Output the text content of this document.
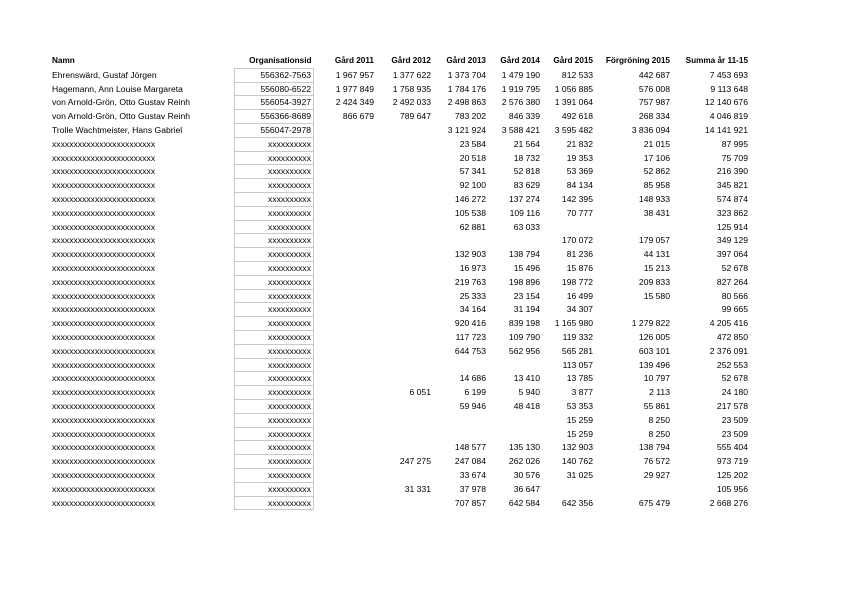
Namn	Organisationsid	Gård 2011	Gård 2012	Gård 2013	Gård 2014	Gård 2015	Förgröning 2015	Summa år 11-15
Ehrenswärd, Gustaf Jörgen	556362-7563	1 967 957	1 377 622	1 373 704	1 479 190	812 533	442 687	7 453 693
Hagemann, Ann Louise Margareta	556080-6522	1 977 849	1 758 935	1 784 176	1 919 795	1 056 885	576 008	9 113 648
von Arnold-Grön, Otto Gustav Reinh	556054-3927	2 424 349	2 492 033	2 498 863	2 576 380	1 391 064	757 987	12 140 676
von Arnold-Grön, Otto Gustav Reinh	556366-8689	866 679	789 647	783 202	846 339	492 618	268 334	4 046 819
Trolle Wachtmeister, Hans Gabriel	556047-2978			3 121 924	3 588 421	3 595 482	3 836 094	14 141 921
xxxxxxxxxxxxxxxxxxxxxxxx	xxxxxxxxxx			23 584	21 564	21 832	21 015	87 995
xxxxxxxxxxxxxxxxxxxxxxxx	xxxxxxxxxx			20 518	18 732	19 353	17 106	75 709
xxxxxxxxxxxxxxxxxxxxxxxx	xxxxxxxxxx			57 341	52 818	53 369	52 862	216 390
xxxxxxxxxxxxxxxxxxxxxxxx	xxxxxxxxxx			92 100	83 629	84 134	85 958	345 821
xxxxxxxxxxxxxxxxxxxxxxxx	xxxxxxxxxx			146 272	137 274	142 395	148 933	574 874
xxxxxxxxxxxxxxxxxxxxxxxx	xxxxxxxxxx			105 538	109 116	70 777	38 431	323 862
xxxxxxxxxxxxxxxxxxxxxxxx	xxxxxxxxxx			62 881	63 033			125 914
xxxxxxxxxxxxxxxxxxxxxxxx	xxxxxxxxxx					170 072	179 057	349 129
xxxxxxxxxxxxxxxxxxxxxxxx	xxxxxxxxxx			132 903	138 794	81 236	44 131	397 064
xxxxxxxxxxxxxxxxxxxxxxxx	xxxxxxxxxx			16 973	15 496	15 876	15 213	52 678
xxxxxxxxxxxxxxxxxxxxxxxx	xxxxxxxxxx			219 763	198 896	198 772	209 833	827 264
xxxxxxxxxxxxxxxxxxxxxxxx	xxxxxxxxxx			25 333	23 154	16 499	15 580	80 566
xxxxxxxxxxxxxxxxxxxxxxxx	xxxxxxxxxx			34 164	31 194	34 307		99 665
xxxxxxxxxxxxxxxxxxxxxxxx	xxxxxxxxxx			920 416	839 198	1 165 980	1 279 822	4 205 416
xxxxxxxxxxxxxxxxxxxxxxxx	xxxxxxxxxx			117 723	109 790	119 332	126 005	472 850
xxxxxxxxxxxxxxxxxxxxxxxx	xxxxxxxxxx			644 753	562 956	565 281	603 101	2 376 091
xxxxxxxxxxxxxxxxxxxxxxxx	xxxxxxxxxx					113 057	139 496	252 553
xxxxxxxxxxxxxxxxxxxxxxxx	xxxxxxxxxx			14 686	13 410	13 785	10 797	52 678
xxxxxxxxxxxxxxxxxxxxxxxx	xxxxxxxxxx		6 051	6 199	5 940	3 877	2 113	24 180
xxxxxxxxxxxxxxxxxxxxxxxx	xxxxxxxxxx			59 946	48 418	53 353	55 861	217 578
xxxxxxxxxxxxxxxxxxxxxxxx	xxxxxxxxxx					15 259	8 250	23 509
xxxxxxxxxxxxxxxxxxxxxxxx	xxxxxxxxxx					15 259	8 250	23 509
xxxxxxxxxxxxxxxxxxxxxxxx	xxxxxxxxxx			148 577	135 130	132 903	138 794	555 404
xxxxxxxxxxxxxxxxxxxxxxxx	xxxxxxxxxx		247 275	247 084	262 026	140 762	76 572	973 719
xxxxxxxxxxxxxxxxxxxxxxxx	xxxxxxxxxx			33 674	30 576	31 025	29 927	125 202
xxxxxxxxxxxxxxxxxxxxxxxx	xxxxxxxxxx		31 331	37 978	36 647			105 956
xxxxxxxxxxxxxxxxxxxxxxxx	xxxxxxxxxx			707 857	642 584	642 356	675 479	2 668 276
